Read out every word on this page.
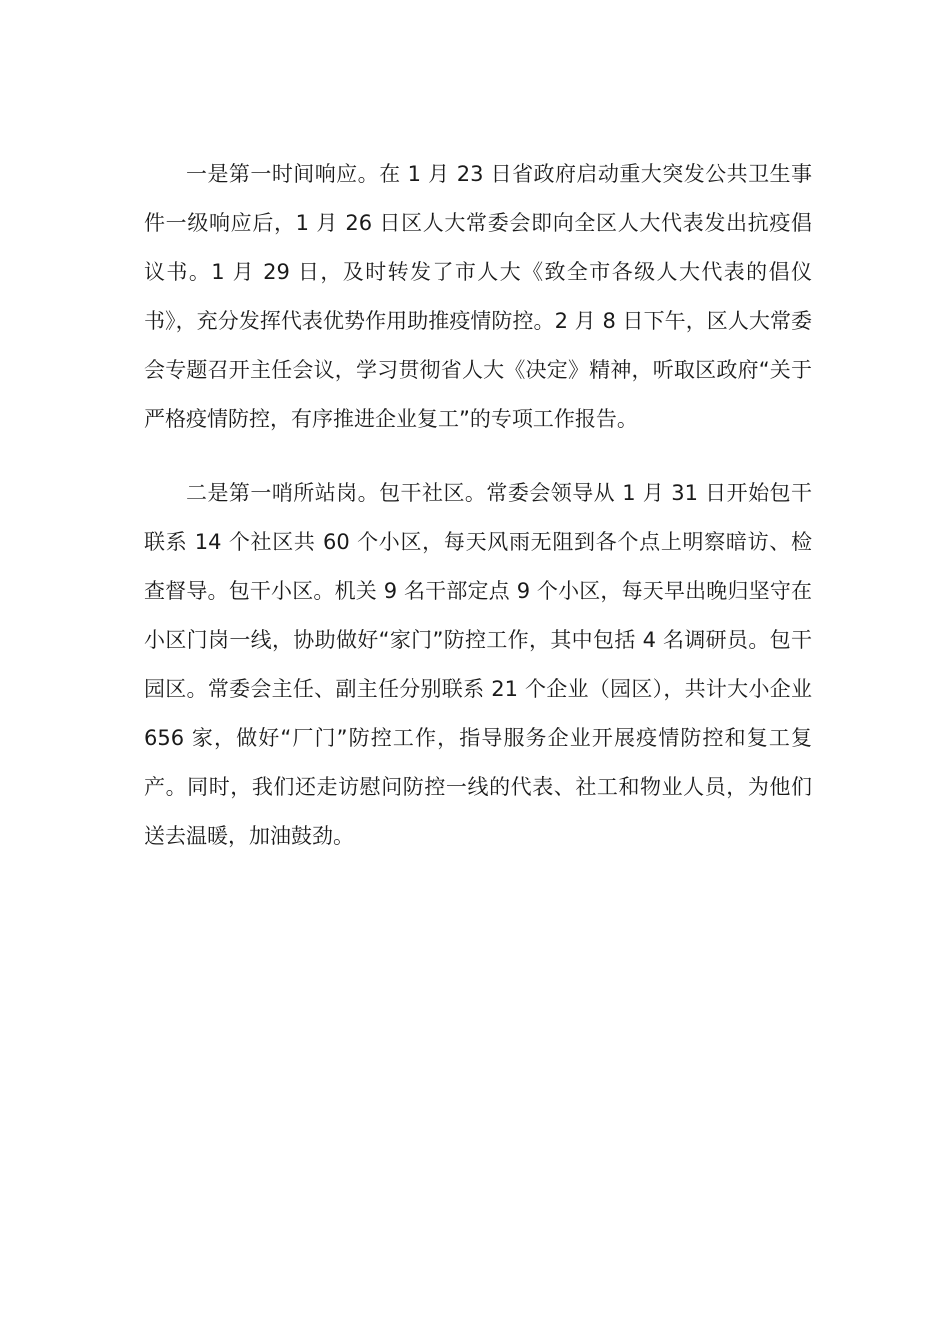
一是第一时间响应。在 1 月 23 日省政府启动重大突发公共卫生事件一级响应后，1 月 26 日区人大常委会即向全区人大代表发出抗疫倡议书。1 月 29 日，及时转发了市人大《致全市各级人大代表的倡仪书》，充分发挥代表优势作用助推疫情防控。2 月 8 日下午，区人大常委会专题召开主任会议，学习贯彻省人大《决定》精神，听取区政府“关于严格疫情防控，有序推进企业复工”的专项工作报告。

二是第一哨所站岗。包干社区。常委会领导从 1 月 31 日开始包干联系 14 个社区共 60 个小区，每天风雨无阻到各个点上明察暗访、检查督导。包干小区。机关 9 名干部定点 9 个小区，每天早出晚归坚守在小区门岗一线，协助做好“家门”防控工作，其中包括 4 名调研员。包干园区。常委会主任、副主任分别联系 21 个企业（园区），共计大小企业 656 家，做好“厂门”防控工作，指导服务企业开展疫情防控和复工复产。同时，我们还走访慰问防控一线的代表、社工和物业人员，为他们送去温暖，加油鼓劲。
